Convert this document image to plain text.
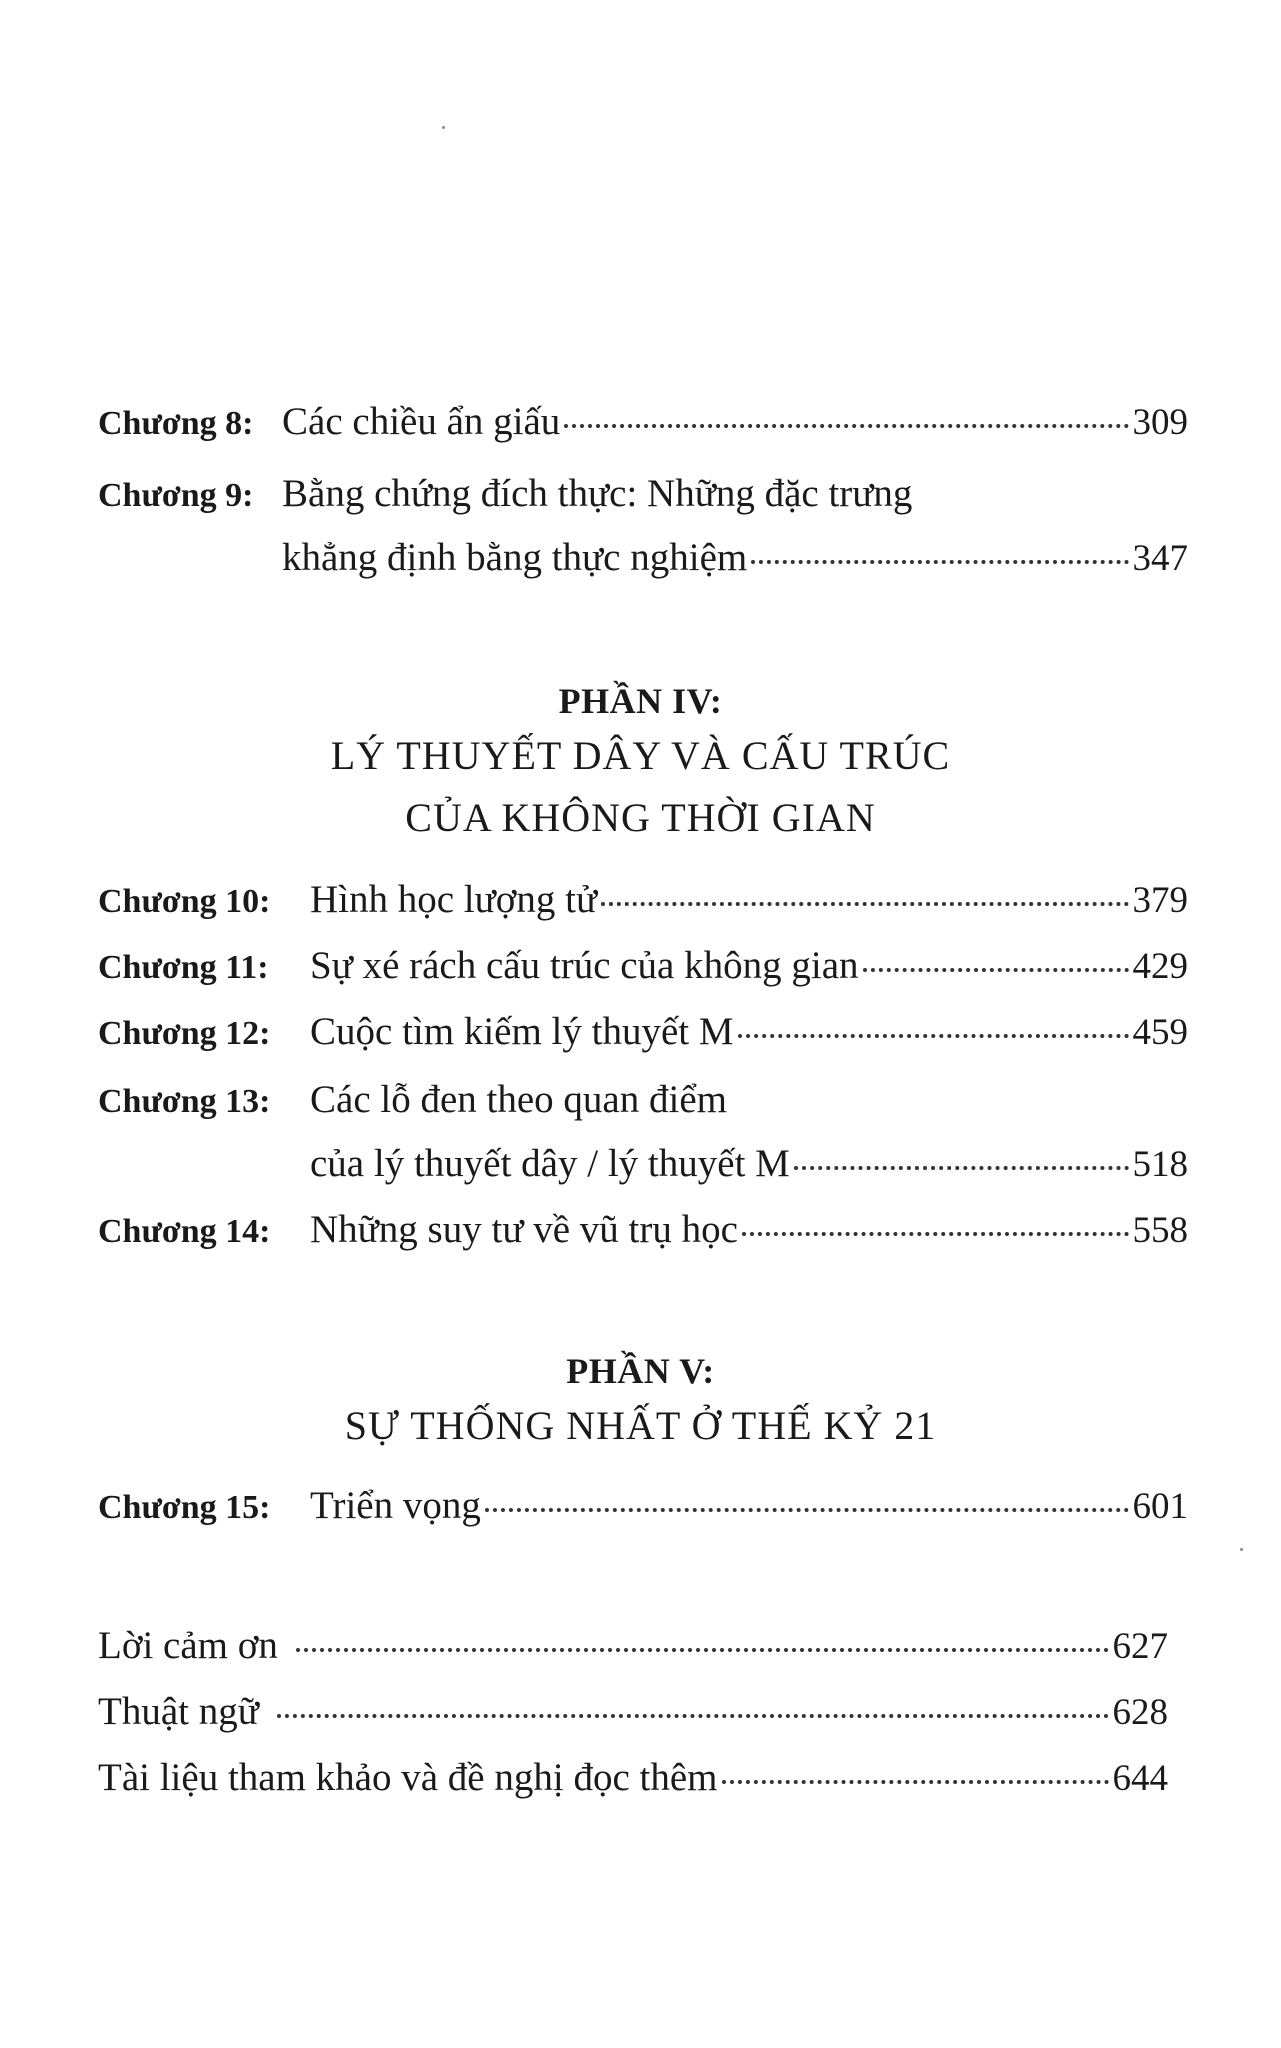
Chương 8: Các chiều ẩn giấu	309
Chương 9: Bằng chứng đích thực: Những đặc trưng
khẳng định bằng thực nghiệm	347
PHẦN IV:
LÝ THUYẾT DÂY VÀ CẤU TRÚC
CỦA KHÔNG THỜI GIAN
Chương 10:	Hình học lượng tử	379
Chương 11:	Sự xé rách cấu trúc của không gian	429
Chương 12:	Cuộc tìm kiếm lý thuyết M	459
Chương 13:	Các lỗ đen theo quan điểm
của lý thuyết dây / lý thuyết M	518
Chương 14:	Những suy tư về vũ trụ học	558
PHẦN V:
SỰ THỐNG NHẤT Ở THẾ KỶ 21
Chương 15:	Triển vọng	601
Lời cảm ơn	627
Thuật ngữ	628
Tài liệu tham khảo và đề nghị đọc thêm	644
